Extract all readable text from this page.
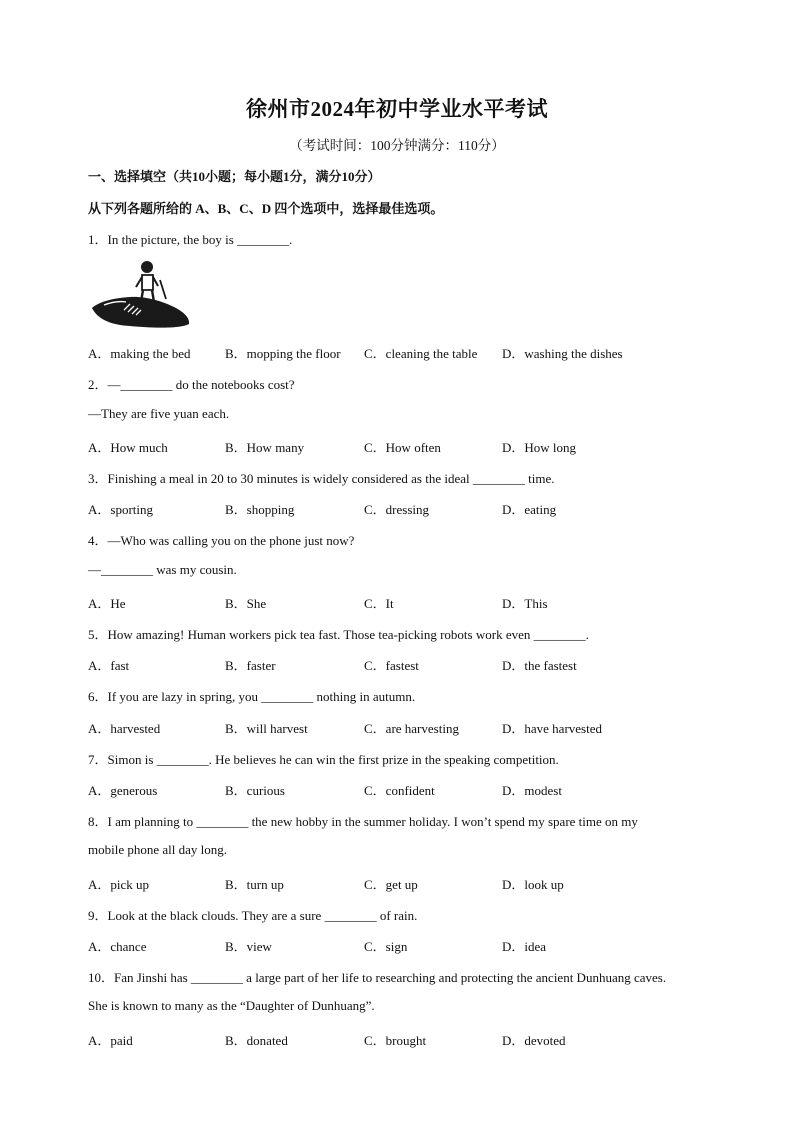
徐州市2024年初中学业水平考试
（考试时间：100分钟满分：110分）
一、选择填空（共10小题；每小题1分，满分10分）
从下列各题所给的 A、B、C、D 四个选项中，选择最佳选项。
1．In the picture, the boy is ________.
A．making the bed	B．mopping the floor C．cleaning the table D．washing the dishes
2．—________ do the notebooks cost?
—They are five yuan each.
A．How much	B．How many	C．How often	D．How long
3．Finishing a meal in 20 to 30 minutes is widely considered as the ideal ________ time.
A．sporting	B．shopping	C．dressing	D．eating
4．—Who was calling you on the phone just now?
—________ was my cousin.
A．He	B．She	C．It	D．This
5．How amazing! Human workers pick tea fast. Those tea-picking robots work even ________.
A．fast	B．faster	C．fastest	D．the fastest
6．If you are lazy in spring, you ________ nothing in autumn.
A．harvested	B．will harvest	C．are harvesting	D．have harvested
7．Simon is ________. He believes he can win the first prize in the speaking competition.
A．generous	B．curious	C．confident	D．modest
8．I am planning to ________ the new hobby in the summer holiday. I won’t spend my spare time on my
mobile phone all day long.
A．pick up	B．turn up	C．get up	D．look up
9．Look at the black clouds. They are a sure ________ of rain.
A．chance	B．view	C．sign	D．idea
10．Fan Jinshi has ________ a large part of her life to researching and protecting the ancient Dunhuang caves.
She is known to many as the “Daughter of Dunhuang”.
A．paid	B．donated	C．brought	D．devoted
